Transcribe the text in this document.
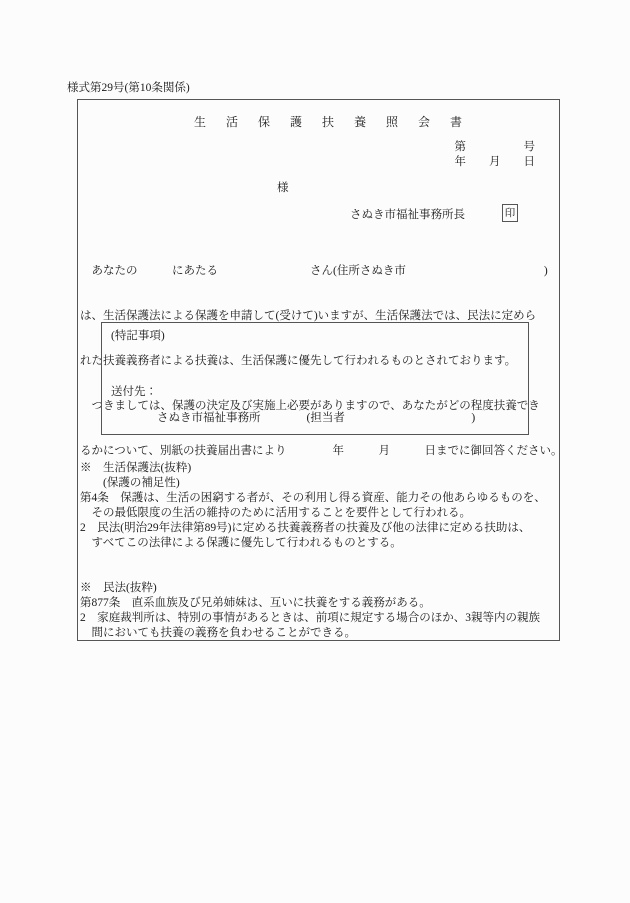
様式第29号(第10条関係)
生活保護扶養照会書
第　　　　　号
年　　月　　日
様
さぬき市福祉事務所長	印

　あなたの　　　にあたる　　　　　　　　さん(住所さぬき市　　　　　　　　　　　　)

は、生活保護法による保護を申請して(受けて)いますが、生活保護法では、民法に定めら

れた扶養義務者による扶養は、生活保護に優先して行われるものとされております。

　つきましては、保護の決定及び実施上必要がありますので、あなたがどの程度扶養でき

るかについて、別紙の扶養届出書により　　　　年　　　月　　　日までに御回答ください。

(特記事項)
送付先：
　　　　さぬき市福祉事務所　　　　(担当者　　　　　　　　　　　)
※　生活保護法(抜粋)
　　(保護の補足性)
第4条　保護は、生活の困窮する者が、その利用し得る資産、能力その他あらゆるものを、
　その最低限度の生活の維持のために活用することを要件として行われる。
2　民法(明治29年法律第89号)に定める扶養義務者の扶養及び他の法律に定める扶助は、
　すべてこの法律による保護に優先して行われるものとする。
※　民法(抜粋)
第877条　直系血族及び兄弟姉妹は、互いに扶養をする義務がある。
2　家庭裁判所は、特別の事情があるときは、前項に規定する場合のほか、3親等内の親族
　間においても扶養の義務を負わせることができる。
